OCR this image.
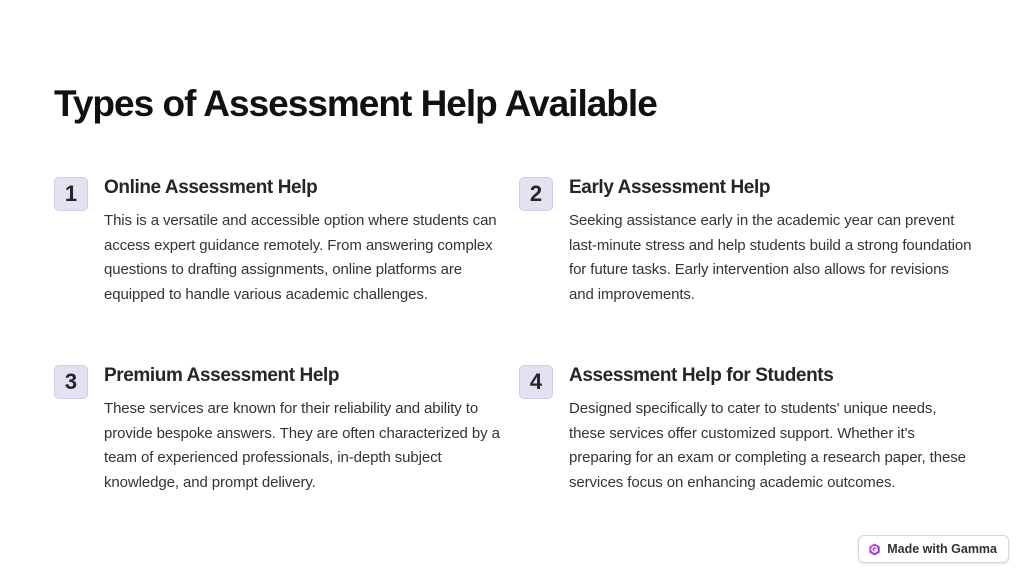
Types of Assessment Help Available
1	Online Assessment Help

This is a versatile and accessible option where students can access expert guidance remotely. From answering complex questions to drafting assignments, online platforms are equipped to handle various academic challenges.

2	Early Assessment Help

Seeking assistance early in the academic year can prevent last-minute stress and help students build a strong foundation for future tasks. Early intervention also allows for revisions and improvements.

3	Premium Assessment Help

These services are known for their reliability and ability to provide bespoke answers. They are often characterized by a team of experienced professionals, in-depth subject knowledge, and prompt delivery.

4	Assessment Help for Students

Designed specifically to cater to students' unique needs, these services offer customized support. Whether it's preparing for an exam or completing a research paper, these services focus on enhancing academic outcomes.

Made with Gamma
